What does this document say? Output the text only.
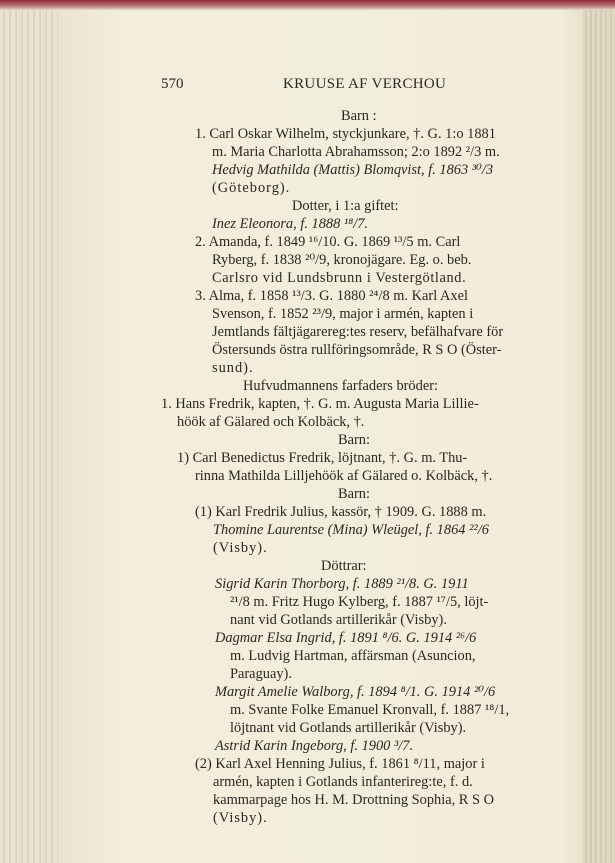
570	KRUUSE AF VERCHOU
Barn :
1. Carl Oskar Wilhelm, styckjunkare, †. G. 1:o 1881
m. Maria Charlotta Abrahamsson; 2:o 1892 ²/3 m.
Hedvig Mathilda (Mattis) Blomqvist, f. 1863 ³⁰/3
(Göteborg).
Dotter, i 1:a giftet:
Inez Eleonora, f. 1888 ¹⁸/7.
2. Amanda, f. 1849 ¹⁶/10. G. 1869 ¹³/5 m. Carl
Ryberg, f. 1838 ²⁰/9, kronojägare. Eg. o. beb.
Carlsro vid Lundsbrunn i Vestergötland.
3. Alma, f. 1858 ¹³/3. G. 1880 ²⁴/8 m. Karl Axel
Svenson, f. 1852 ²³/9, major i armén, kapten i
Jemtlands fältjägarereg:tes reserv, befälhafvare för
Östersunds östra rullföringsområde, R S O (Öster-
sund).
Hufvudmannens farfaders bröder:
1. Hans Fredrik, kapten, †. G. m. Augusta Maria Lillie-
höök af Gälared och Kolbäck, †.
Barn:
1) Carl Benedictus Fredrik, löjtnant, †. G. m. Thu-
rinna Mathilda Lilljehöök af Gälared o. Kolbäck, †.
Barn:
(1) Karl Fredrik Julius, kassör, † 1909. G. 1888 m.
Thomine Laurentse (Mina) Wleügel, f. 1864 ²²/6
(Visby).
Döttrar:
Sigrid Karin Thorborg, f. 1889 ²¹/8. G. 1911
²¹/8 m. Fritz Hugo Kylberg, f. 1887 ¹⁷/5, löjt-
nant vid Gotlands artillerikår (Visby).
Dagmar Elsa Ingrid, f. 1891 ⁸/6. G. 1914 ²⁶/6
m. Ludvig Hartman, affärsman (Asuncion,
Paraguay).
Margit Amelie Walborg, f. 1894 ⁸/1. G. 1914 ²⁰/6
m. Svante Folke Emanuel Kronvall, f. 1887 ¹⁸/1,
löjtnant vid Gotlands artillerikår (Visby).
Astrid Karin Ingeborg, f. 1900 ³/7.
(2) Karl Axel Henning Julius, f. 1861 ⁸/11, major i
armén, kapten i Gotlands infanterireg:te, f. d.
kammarpage hos H. M. Drottning Sophia, R S O
(Visby).
